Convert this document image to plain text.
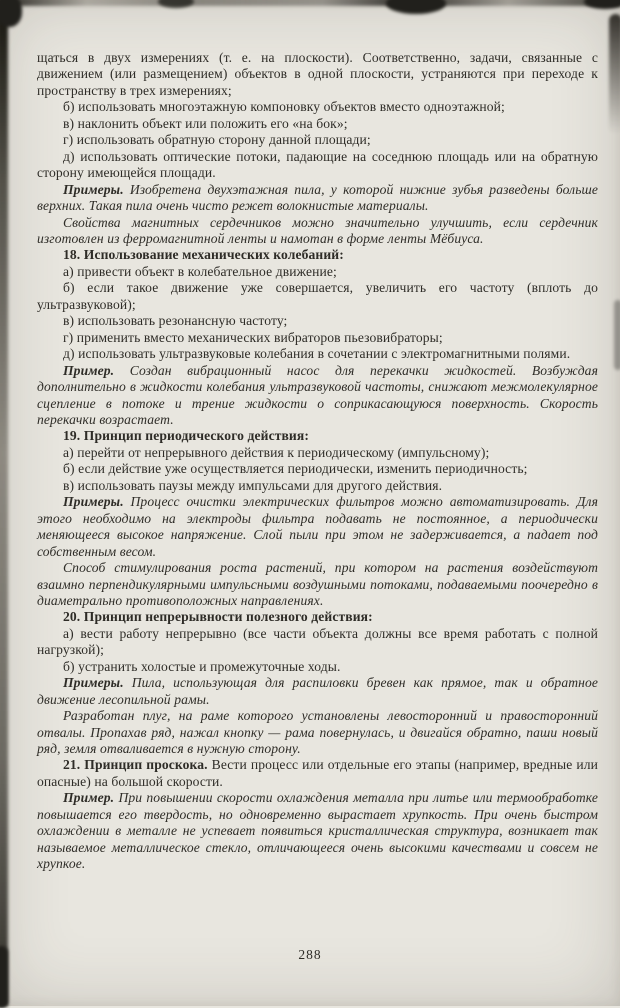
щаться в двух измерениях (т. е. на плоскости). Соответственно, задачи, связанные с движением (или размещением) объектов в одной плоскости, устраняются при переходе к пространству в трех измерениях;

б) использовать многоэтажную компоновку объектов вместо одноэтажной;

в) наклонить объект или положить его «на бок»;

г) использовать обратную сторону данной площади;

д) использовать оптические потоки, падающие на соседнюю площадь или на обратную сторону имеющейся площади.

Примеры. Изобретена двухэтажная пила, у которой нижние зубья разведены больше верхних. Такая пила очень чисто режет волокнистые материалы.

Свойства магнитных сердечников можно значительно улучшить, если сердечник изготовлен из ферромагнитной ленты и намотан в форме ленты Мёбиуса.

18. Использование механических колебаний:

а) привести объект в колебательное движение;

б) если такое движение уже совершается, увеличить его частоту (вплоть до ультразвуковой);

в) использовать резонансную частоту;

г) применить вместо механических вибраторов пьезовибраторы;

д) использовать ультразвуковые колебания в сочетании с электромагнитными полями.

Пример. Создан вибрационный насос для перекачки жидкостей. Возбуждая дополнительно в жидкости колебания ультразвуковой частоты, снижают межмолекулярное сцепление в потоке и трение жидкости о соприкасающуюся поверхность. Скорость перекачки возрастает.

19. Принцип периодического действия:

а) перейти от непрерывного действия к периодическому (импульсному);

б) если действие уже осуществляется периодически, изменить периодичность;

в) использовать паузы между импульсами для другого действия.

Примеры. Процесс очистки электрических фильтров можно автоматизировать. Для этого необходимо на электроды фильтра подавать не постоянное, а периодически меняющееся высокое напряжение. Слой пыли при этом не задерживается, а падает под собственным весом.

Способ стимулирования роста растений, при котором на растения воздействуют взаимно перпендикулярными импульсными воздушными потоками, подаваемыми поочередно в диаметрально противоположных направлениях.

20. Принцип непрерывности полезного действия:

а) вести работу непрерывно (все части объекта должны все время работать с полной нагрузкой);

б) устранить холостые и промежуточные ходы.

Примеры. Пила, использующая для распиловки бревен как прямое, так и обратное движение лесопильной рамы.

Разработан плуг, на раме которого установлены левосторонний и правосторонний отвалы. Пропахав ряд, нажал кнопку — рама повернулась, и двигайся обратно, паши новый ряд, земля отваливается в нужную сторону.

21. Принцип проскока. Вести процесс или отдельные его этапы (например, вредные или опасные) на большой скорости.

Пример. При повышении скорости охлаждения металла при литье или термообработке повышается его твердость, но одновременно вырастает хрупкость. При очень быстром охлаждении в металле не успевает появиться кристаллическая структура, возникает так называемое металлическое стекло, отличающееся очень высокими качествами и совсем не хрупкое.

288
